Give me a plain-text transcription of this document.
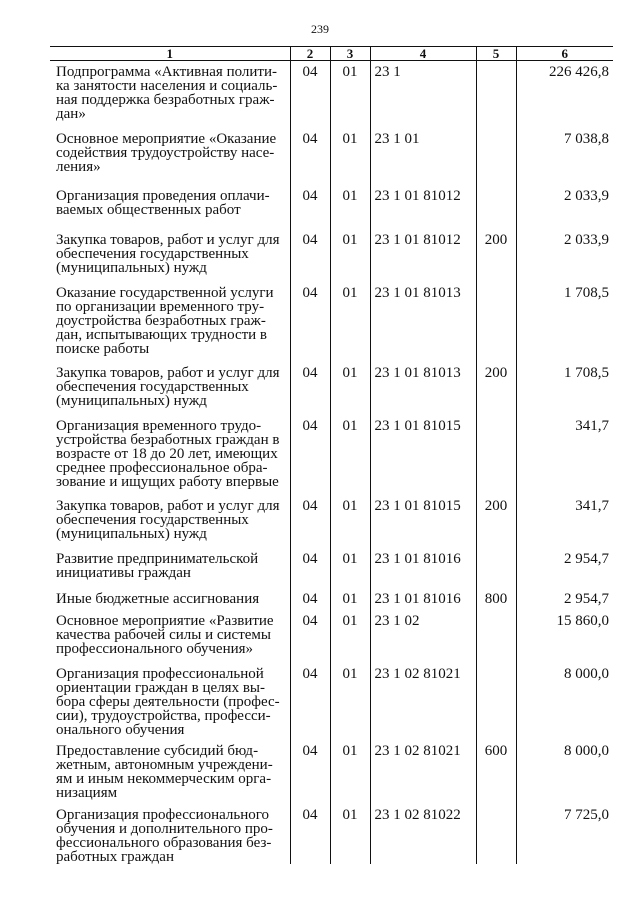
239
1	2	3	4	5	6
Подпрограмма «Активная полити-
ка занятости населения и социаль-
ная поддержка безработных граж-
дан»	04	01	23 1		226 426,8
Основное мероприятие «Оказание
содействия трудоустройству насе-
ления»	04	01	23 1 01		7 038,8
Организация проведения оплачи-
ваемых общественных работ	04	01	23 1 01 81012		2 033,9
Закупка товаров, работ и услуг для
обеспечения государственных
(муниципальных) нужд	04	01	23 1 01 81012	200	2 033,9
Оказание государственной услуги
по организации временного тру-
доустройства безработных граж-
дан, испытывающих трудности в
поиске работы	04	01	23 1 01 81013		1 708,5
Закупка товаров, работ и услуг для
обеспечения государственных
(муниципальных) нужд	04	01	23 1 01 81013	200	1 708,5
Организация временного трудо-
устройства безработных граждан в
возрасте от 18 до 20 лет, имеющих
среднее профессиональное обра-
зование и ищущих работу впервые	04	01	23 1 01 81015		341,7
Закупка товаров, работ и услуг для
обеспечения государственных
(муниципальных) нужд	04	01	23 1 01 81015	200	341,7
Развитие предпринимательской
инициативы граждан	04	01	23 1 01 81016		2 954,7
Иные бюджетные ассигнования	04	01	23 1 01 81016	800	2 954,7
Основное мероприятие «Развитие
качества рабочей силы и системы
профессионального обучения»	04	01	23 1 02		15 860,0
Организация профессиональной
ориентации граждан в целях вы-
бора сферы деятельности (профес-
сии), трудоустройства, професси-
онального обучения	04	01	23 1 02 81021		8 000,0
Предоставление субсидий бюд-
жетным, автономным учреждени-
ям и иным некоммерческим орга-
низациям	04	01	23 1 02 81021	600	8 000,0
Организация профессионального
обучения и дополнительного про-
фессионального образования без-
работных граждан	04	01	23 1 02 81022		7 725,0
